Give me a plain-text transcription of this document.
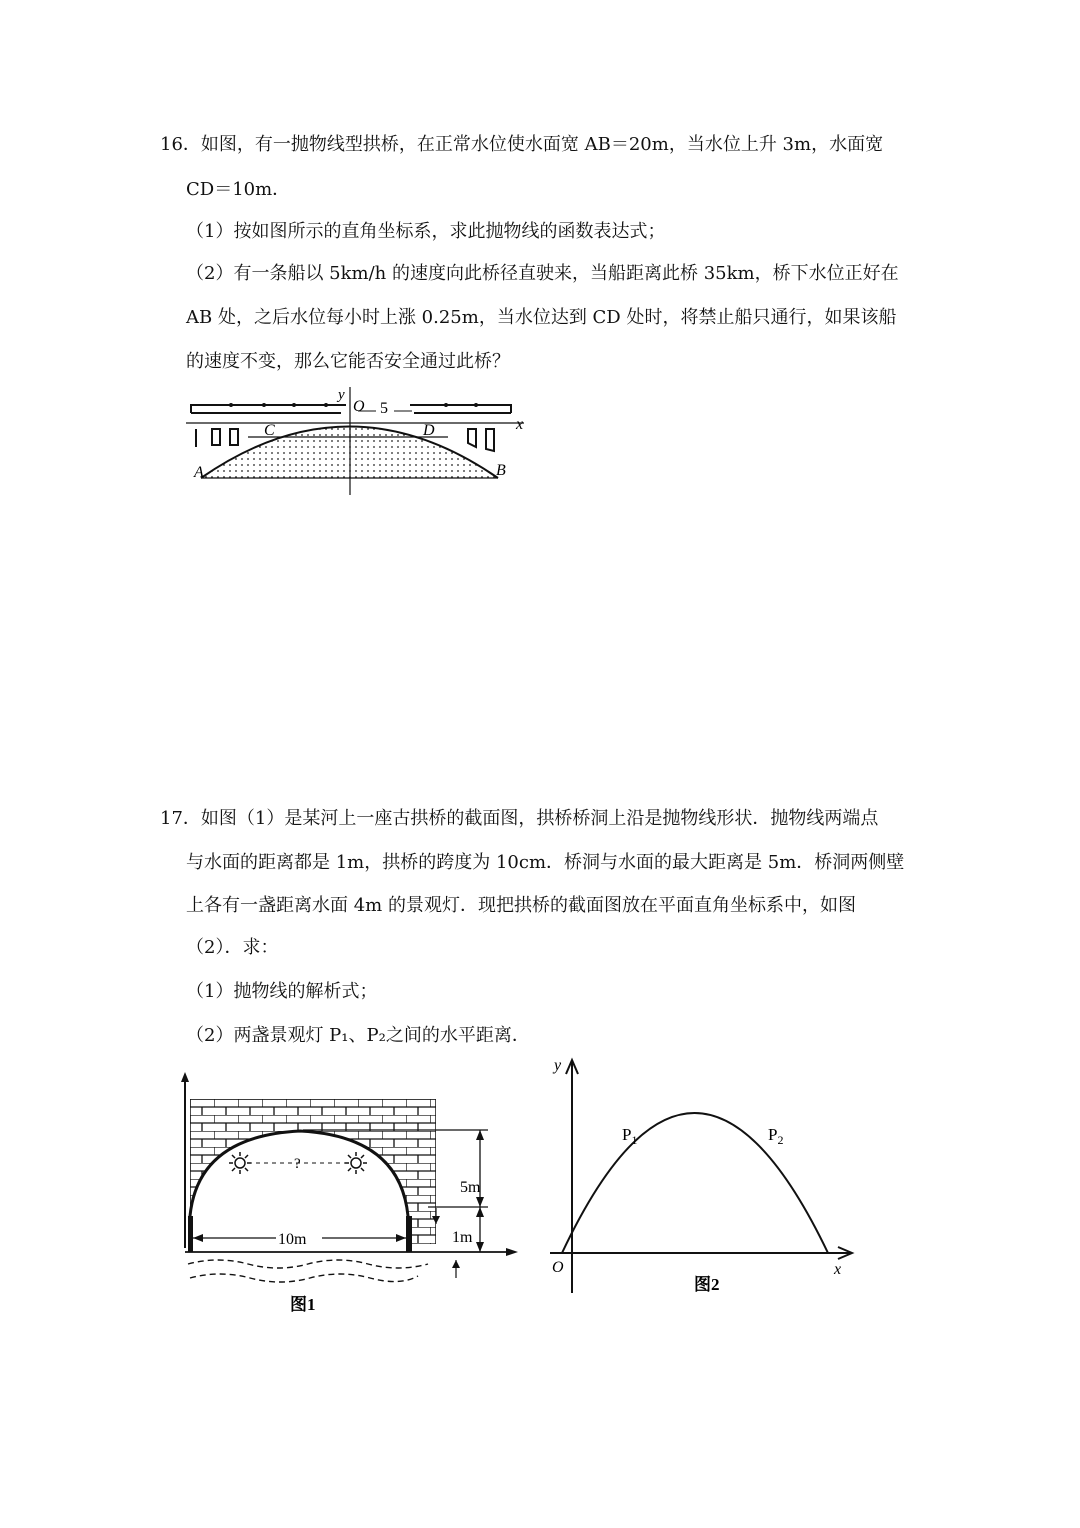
16．如图，有一抛物线型拱桥，在正常水位使水面宽 AB＝20m，当水位上升 3m，水面宽
CD＝10m．
（1）按如图所示的直角坐标系，求此抛物线的函数表达式；
（2）有一条船以 5km/h 的速度向此桥径直驶来，当船距离此桥 35km，桥下水位正好在
AB 处，之后水位每小时上涨 0.25m，当水位达到 CD 处时，将禁止船只通行，如果该船
的速度不变，那么它能否安全通过此桥？
y
O 5
x
C	D
A	B
17．如图（1）是某河上一座古拱桥的截面图，拱桥桥洞上沿是抛物线形状．抛物线两端点
与水面的距离都是 1m，拱桥的跨度为 10cm．桥洞与水面的最大距离是 5m．桥洞两侧壁
上各有一盏距离水面 4m 的景观灯．现把拱桥的截面图放在平面直角坐标系中，如图
（2）．求：
（1）抛物线的解析式；
（2）两盏景观灯 P₁、P₂之间的水平距离．
10m
?
5m
1m
图1
y
x
O
$P_1$	$P_2$
图2
